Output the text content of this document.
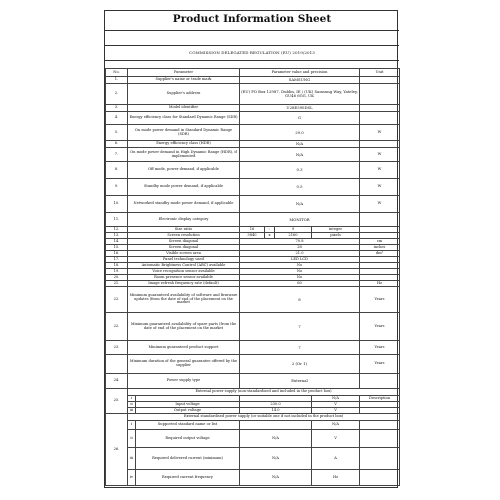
Product Information Sheet
COMMISSION DELEGATED REGULATION (EU) 2019/2013
No.	Parameter		Parameter value and precision				Unit
1.	Supplier's name or trade mark		SAMSUNG				
2.	Supplier's address		(EU) PO Box 12987, Dublin, IE / (UK) Samsung Way, Yateley, GU46 6GG, UK				
3.	Model identifier		U28E590DSL				
4.	Energy efficiency class for Standard Dynamic Range (SDR)		G				
5.	On mode power demand in Standard Dynamic Range (SDR)		29.0				W
6.	Energy efficiency class (HDR)		N/A				
7.	On mode power demand in High Dynamic Range (HDR), if implemented		N/A				W
8.	Off mode, power demand, if applicable		0.3				W
9.	Standby mode power demand, if applicable		0.5				W
10.	Networked standby mode power demand, if applicable		N/A				W
11.	Electronic display category		MONITOR				
12.	Size ratio		16	:	9	integer	
13.	Screen resolution		3840	x	2160	pixels	
14.	Screen diagonal		70.8				cm
15.	Screen diagonal		28				inches
16.	Visible screen area		21.0				dm²
17.	Panel technology used		LED LCD				
18.	Automatic Brightness Control (ABC) available		No				
19.	Voice recognition sensor available		No				
20.	Room presence sensor available		No				
21.	Image refresh frequency rate (default)		60				Hz
22.	Minimum guaranteed availability of software and firmware updates (from the date of end of the placement on the market		8				Years
22.	Minimum guaranteed availability of spare parts (from the date of end of the placement on the market		7				Years
23.	Minimum guaranteed product support		7				Years
	Minimum duration of the general guarantee offered by the supplier		2 (Or 1)				Years
24.	Power supply type		External				
25.	External power supply (non-standardised and included in the product box)						
	i					N/A	Description
	ii	Input voltage	230.0			V	
	iii	Output voltage	14.0			V	
26.	External standardised power supply (or suitable one if not included in the product box)						
	i	Supported standard name or list				N/A	
	ii	Required output voltage	N/A			V	
	iii	Required delivered current (minimum)	N/A			A	
	iv	Required current frequency	N/A			Hz	
